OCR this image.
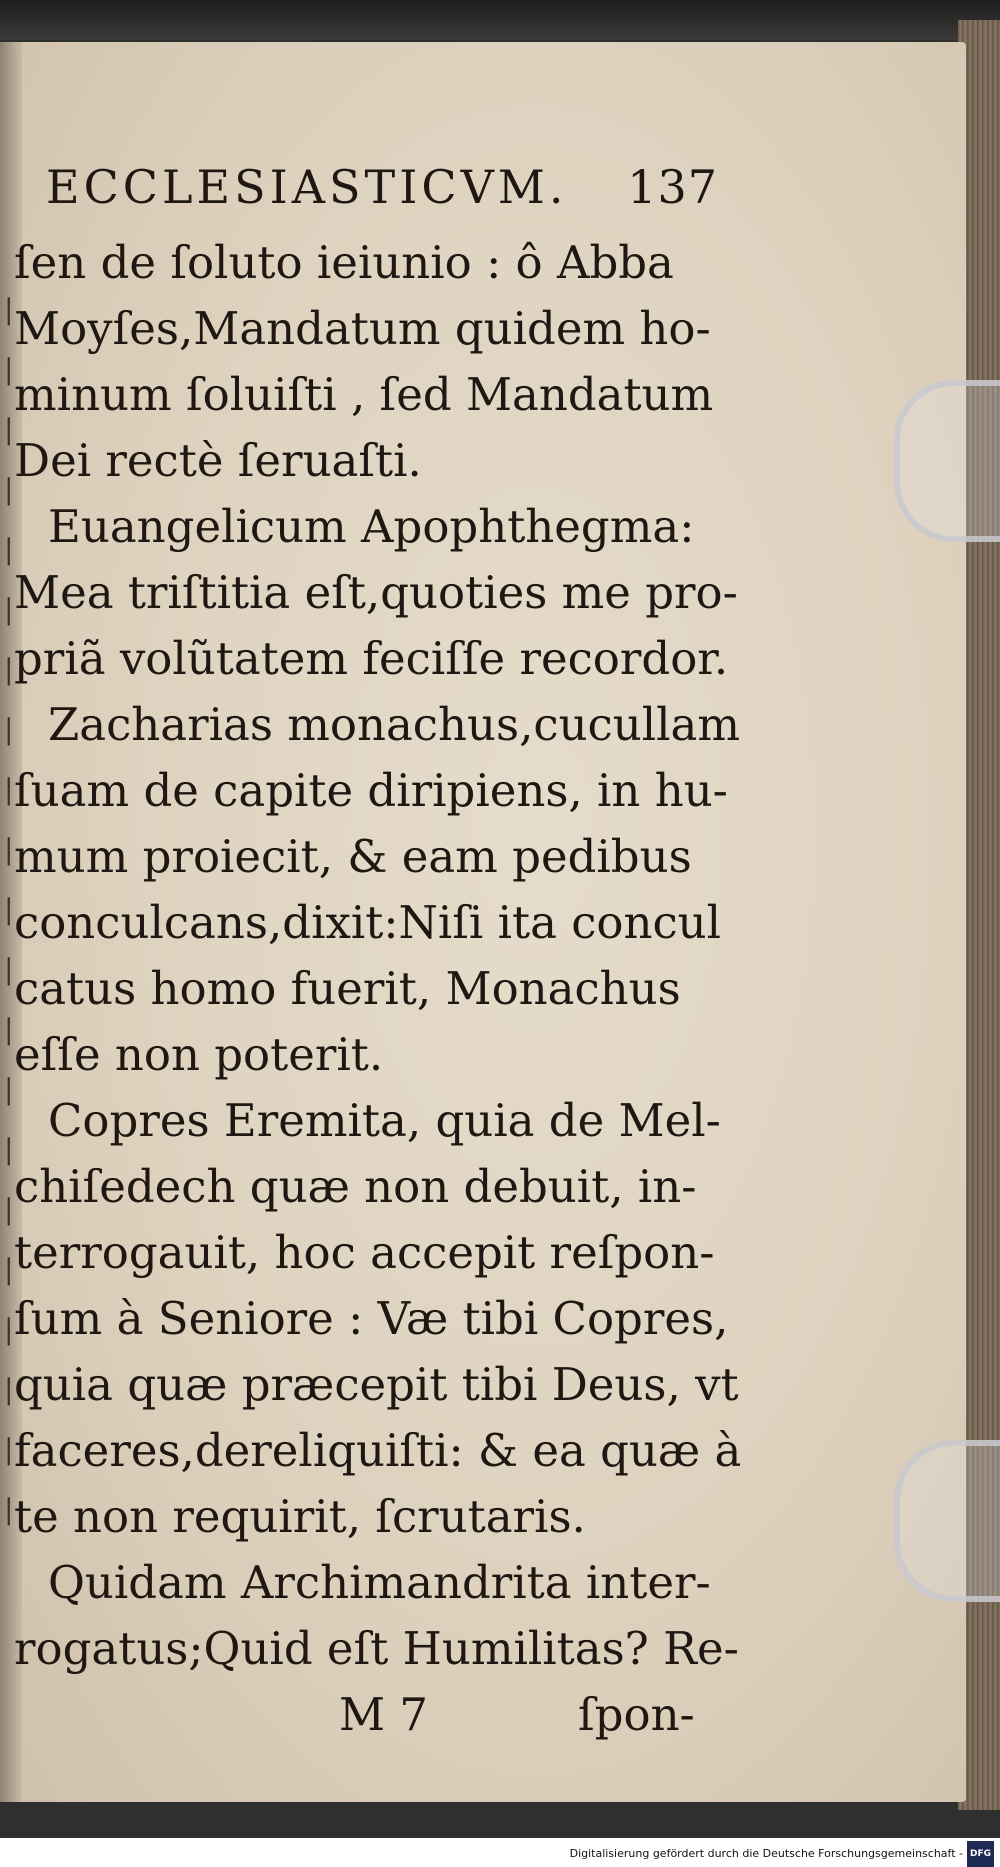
|
|
|
|
|
|
|
|
|
|
|
|
|
|
|
|
|
|
|
|
|
ECCLESIASTICVM. 137
ſen de ſoluto ieiunio : ô Abba
Moyſes,Mandatum quidem ho-
minum ſoluiſti , ſed Mandatum
Dei rectè ſeruaſti.
Euangelicum Apophthegma:
Mea triſtitia eſt,quoties me pro-
priã volũtatem feciſſe recordor.
Zacharias monachus,cucullam
ſuam de capite diripiens, in hu-
mum proiecit, & eam pedibus
conculcans,dixit:Niſi ita concul
catus homo fuerit, Monachus
eſſe non poterit.
Copres Eremita, quia de Mel-
chiſedech quæ non debuit, in-
terrogauit, hoc accepit reſpon-
ſum à Seniore : Væ tibi Copres,
quia quæ præcepit tibi Deus, vt
faceres,dereliquiſti: & ea quæ à
te non requirit, ſcrutaris.
Quidam Archimandrita inter-
rogatus;Quid eſt Humilitas? Re-
M 7	ſpon-
Digitalisierung gefördert durch die Deutsche Forschungsgemeinschaft - DFG
